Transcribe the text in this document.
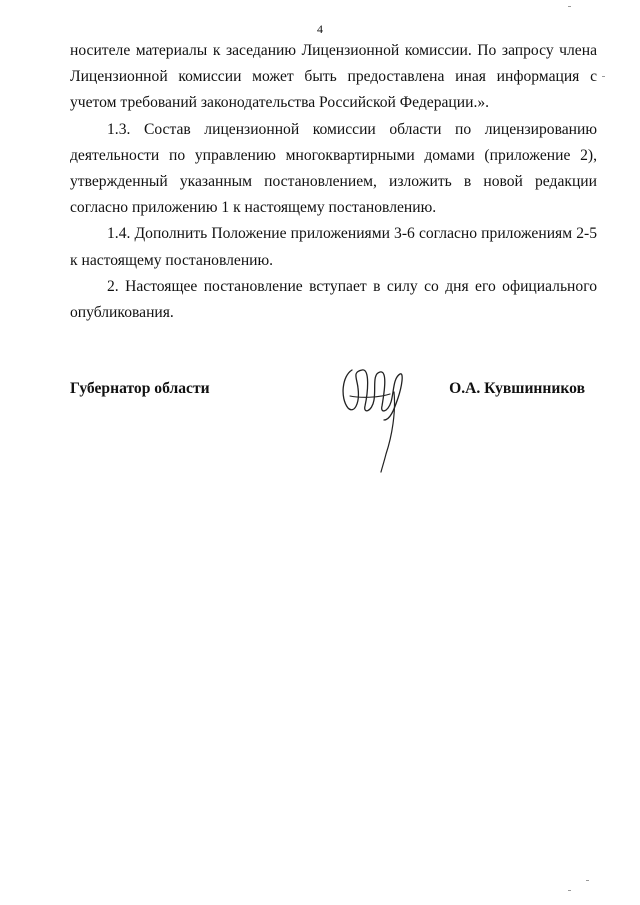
4

носителе материалы к заседанию Лицензионной комиссии. По запросу члена Лицензионной комиссии может быть предоставлена иная информация с учетом требований законодательства Российской Федерации.».

1.3. Состав лицензионной комиссии области по лицензированию деятельности по управлению многоквартирными домами (приложение 2), утвержденный указанным постановлением, изложить в новой редакции согласно приложению 1 к настоящему постановлению.

1.4. Дополнить Положение приложениями 3-6 согласно приложениям 2-5 к настоящему постановлению.

2. Настоящее постановление вступает в силу со дня его официального опубликования.

Губернатор области	О.А. Кувшинников
